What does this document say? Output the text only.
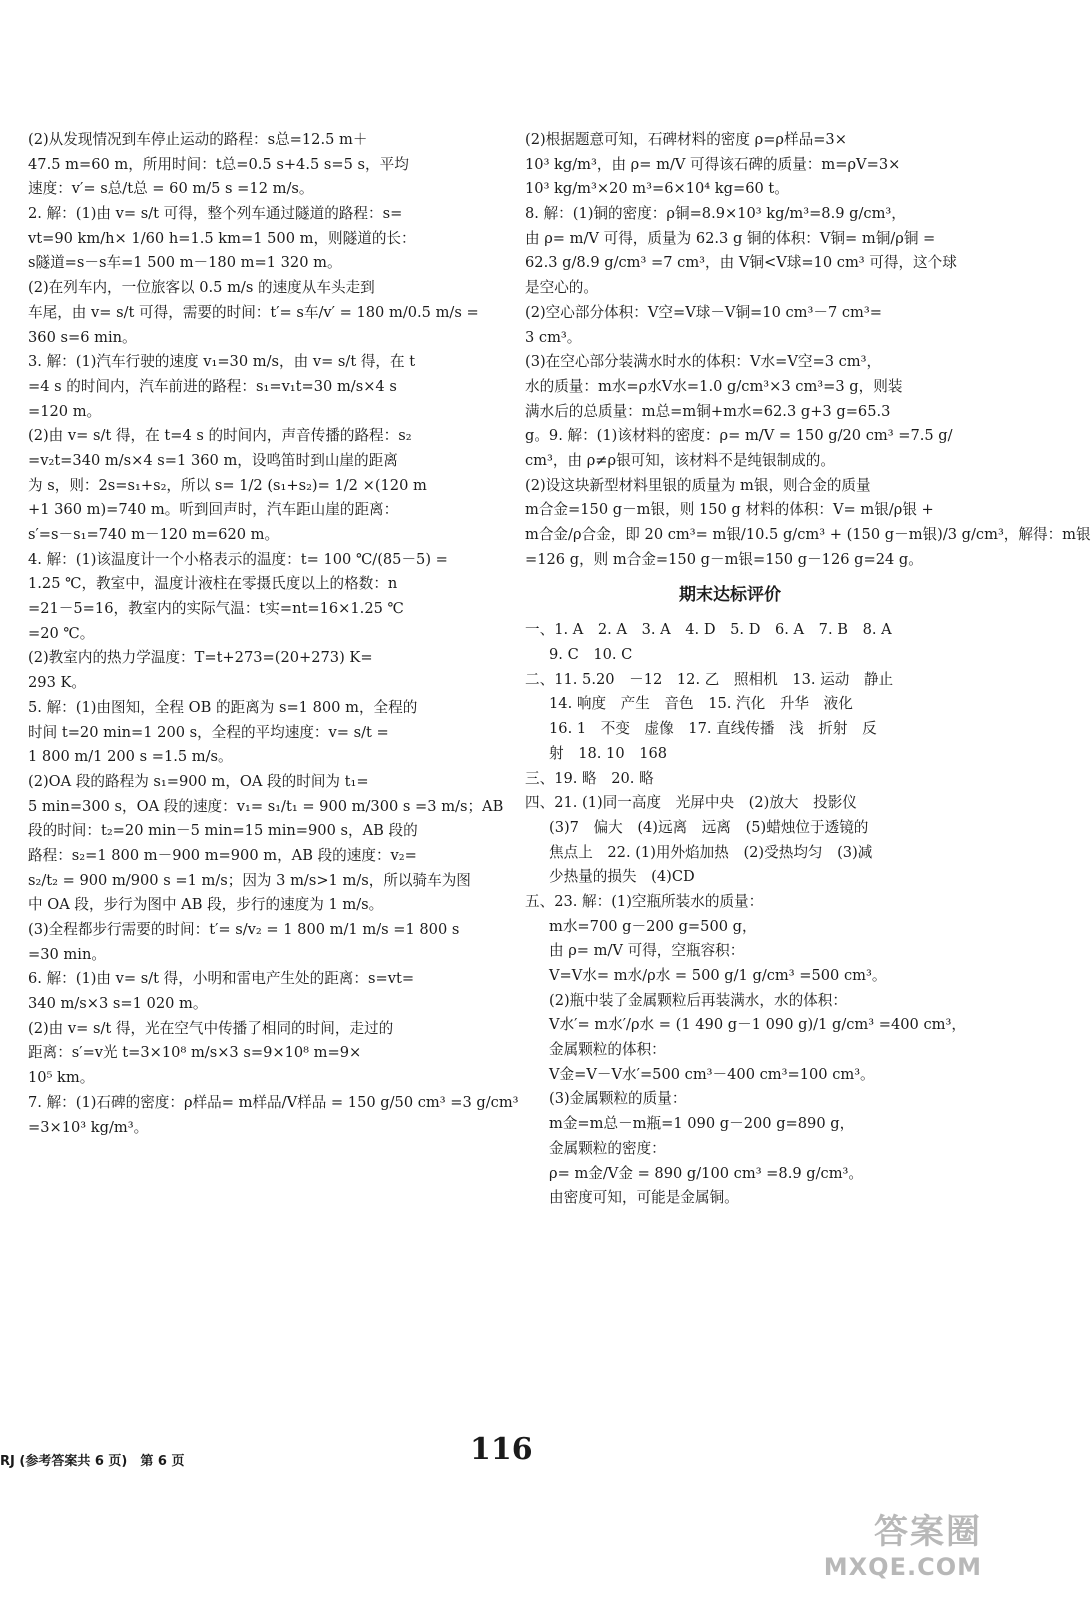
(2)从发现情况到车停止运动的路程：s总=12.5 m＋
47.5 m=60 m，所用时间：t总=0.5 s+4.5 s=5 s，平均
速度：v′= s总/t总 = 60 m/5 s =12 m/s。
2. 解：(1)由 v= s/t 可得，整个列车通过隧道的路程：s=
vt=90 km/h× 1/60 h=1.5 km=1 500 m，则隧道的长：
s隧道=s－s车=1 500 m－180 m=1 320 m。
(2)在列车内，一位旅客以 0.5 m/s 的速度从车头走到
车尾，由 v= s/t 可得，需要的时间：t′= s车/v′ = 180 m/0.5 m/s =
360 s=6 min。
3. 解：(1)汽车行驶的速度 v₁=30 m/s，由 v= s/t 得，在 t
=4 s 的时间内，汽车前进的路程：s₁=v₁t=30 m/s×4 s
=120 m。
(2)由 v= s/t 得，在 t=4 s 的时间内，声音传播的路程：s₂
=v₂t=340 m/s×4 s=1 360 m，设鸣笛时到山崖的距离
为 s，则：2s=s₁+s₂，所以 s= 1/2 (s₁+s₂)= 1/2 ×(120 m
+1 360 m)=740 m。听到回声时，汽车距山崖的距离：
s′=s－s₁=740 m－120 m=620 m。
4. 解：(1)该温度计一个小格表示的温度：t= 100 ℃/(85－5) =
1.25 ℃，教室中，温度计液柱在零摄氏度以上的格数：n
=21－5=16，教室内的实际气温：t实=nt=16×1.25 ℃
=20 ℃。
(2)教室内的热力学温度：T=t+273=(20+273) K=
293 K。
5. 解：(1)由图知，全程 OB 的距离为 s=1 800 m，全程的
时间 t=20 min=1 200 s，全程的平均速度：v= s/t =
1 800 m/1 200 s =1.5 m/s。
(2)OA 段的路程为 s₁=900 m，OA 段的时间为 t₁=
5 min=300 s，OA 段的速度：v₁= s₁/t₁ = 900 m/300 s =3 m/s；AB
段的时间：t₂=20 min－5 min=15 min=900 s，AB 段的
路程：s₂=1 800 m－900 m=900 m，AB 段的速度：v₂=
s₂/t₂ = 900 m/900 s =1 m/s；因为 3 m/s>1 m/s，所以骑车为图
中 OA 段，步行为图中 AB 段，步行的速度为 1 m/s。
(3)全程都步行需要的时间：t′= s/v₂ = 1 800 m/1 m/s =1 800 s
=30 min。
6. 解：(1)由 v= s/t 得，小明和雷电产生处的距离：s=vt=
340 m/s×3 s=1 020 m。
(2)由 v= s/t 得，光在空气中传播了相同的时间，走过的
距离：s′=v光 t=3×10⁸ m/s×3 s=9×10⁸ m=9×
10⁵ km。
7. 解：(1)石碑的密度：ρ样品= m样品/V样品 = 150 g/50 cm³ =3 g/cm³
=3×10³ kg/m³。
(2)根据题意可知，石碑材料的密度 ρ=ρ样品=3×
10³ kg/m³，由 ρ= m/V 可得该石碑的质量：m=ρV=3×
10³ kg/m³×20 m³=6×10⁴ kg=60 t。
8. 解：(1)铜的密度：ρ铜=8.9×10³ kg/m³=8.9 g/cm³，
由 ρ= m/V 可得，质量为 62.3 g 铜的体积：V铜= m铜/ρ铜 =
62.3 g/8.9 g/cm³ =7 cm³，由 V铜<V球=10 cm³ 可得，这个球
是空心的。
(2)空心部分体积：V空=V球－V铜=10 cm³－7 cm³=
3 cm³。
(3)在空心部分装满水时水的体积：V水=V空=3 cm³，
水的质量：m水=ρ水V水=1.0 g/cm³×3 cm³=3 g，则装
满水后的总质量：m总=m铜+m水=62.3 g+3 g=65.3
g。9. 解：(1)该材料的密度：ρ= m/V = 150 g/20 cm³ =7.5 g/
cm³，由 ρ≠ρ银可知，该材料不是纯银制成的。
(2)设这块新型材料里银的质量为 m银，则合金的质量
m合金=150 g－m银，则 150 g 材料的体积：V= m银/ρ银 +
m合金/ρ合金，即 20 cm³= m银/10.5 g/cm³ + (150 g－m银)/3 g/cm³，解得：m银
=126 g，则 m合金=150 g－m银=150 g－126 g=24 g。
期末达标评价
一、1. A　2. A　3. A　4. D　5. D　6. A　7. B　8. A
9. C　10. C
二、11. 5.20　－12　12. 乙　照相机　13. 运动　静止
14. 响度　产生　音色　15. 汽化　升华　液化
16. 1　不变　虚像　17. 直线传播　浅　折射　反
射　18. 10　168
三、19. 略　20. 略
四、21. (1)同一高度　光屏中央　(2)放大　投影仪
(3)7　偏大　(4)远离　远离　(5)蜡烛位于透镜的
焦点上　22. (1)用外焰加热　(2)受热均匀　(3)减
少热量的损失　(4)CD
五、23. 解：(1)空瓶所装水的质量：
m水=700 g－200 g=500 g，
由 ρ= m/V 可得，空瓶容积：
V=V水= m水/ρ水 = 500 g/1 g/cm³ =500 cm³。
(2)瓶中装了金属颗粒后再装满水，水的体积：
V水′= m水′/ρ水 = (1 490 g－1 090 g)/1 g/cm³ =400 cm³，
金属颗粒的体积：
V金=V－V水′=500 cm³－400 cm³=100 cm³。
(3)金属颗粒的质量：
m金=m总－m瓶=1 090 g－200 g=890 g，
金属颗粒的密度：
ρ= m金/V金 = 890 g/100 cm³ =8.9 g/cm³。
由密度可知，可能是金属铜。
RJ (参考答案共 6 页)　第 6 页	116
答案圈
MXQE.COM
